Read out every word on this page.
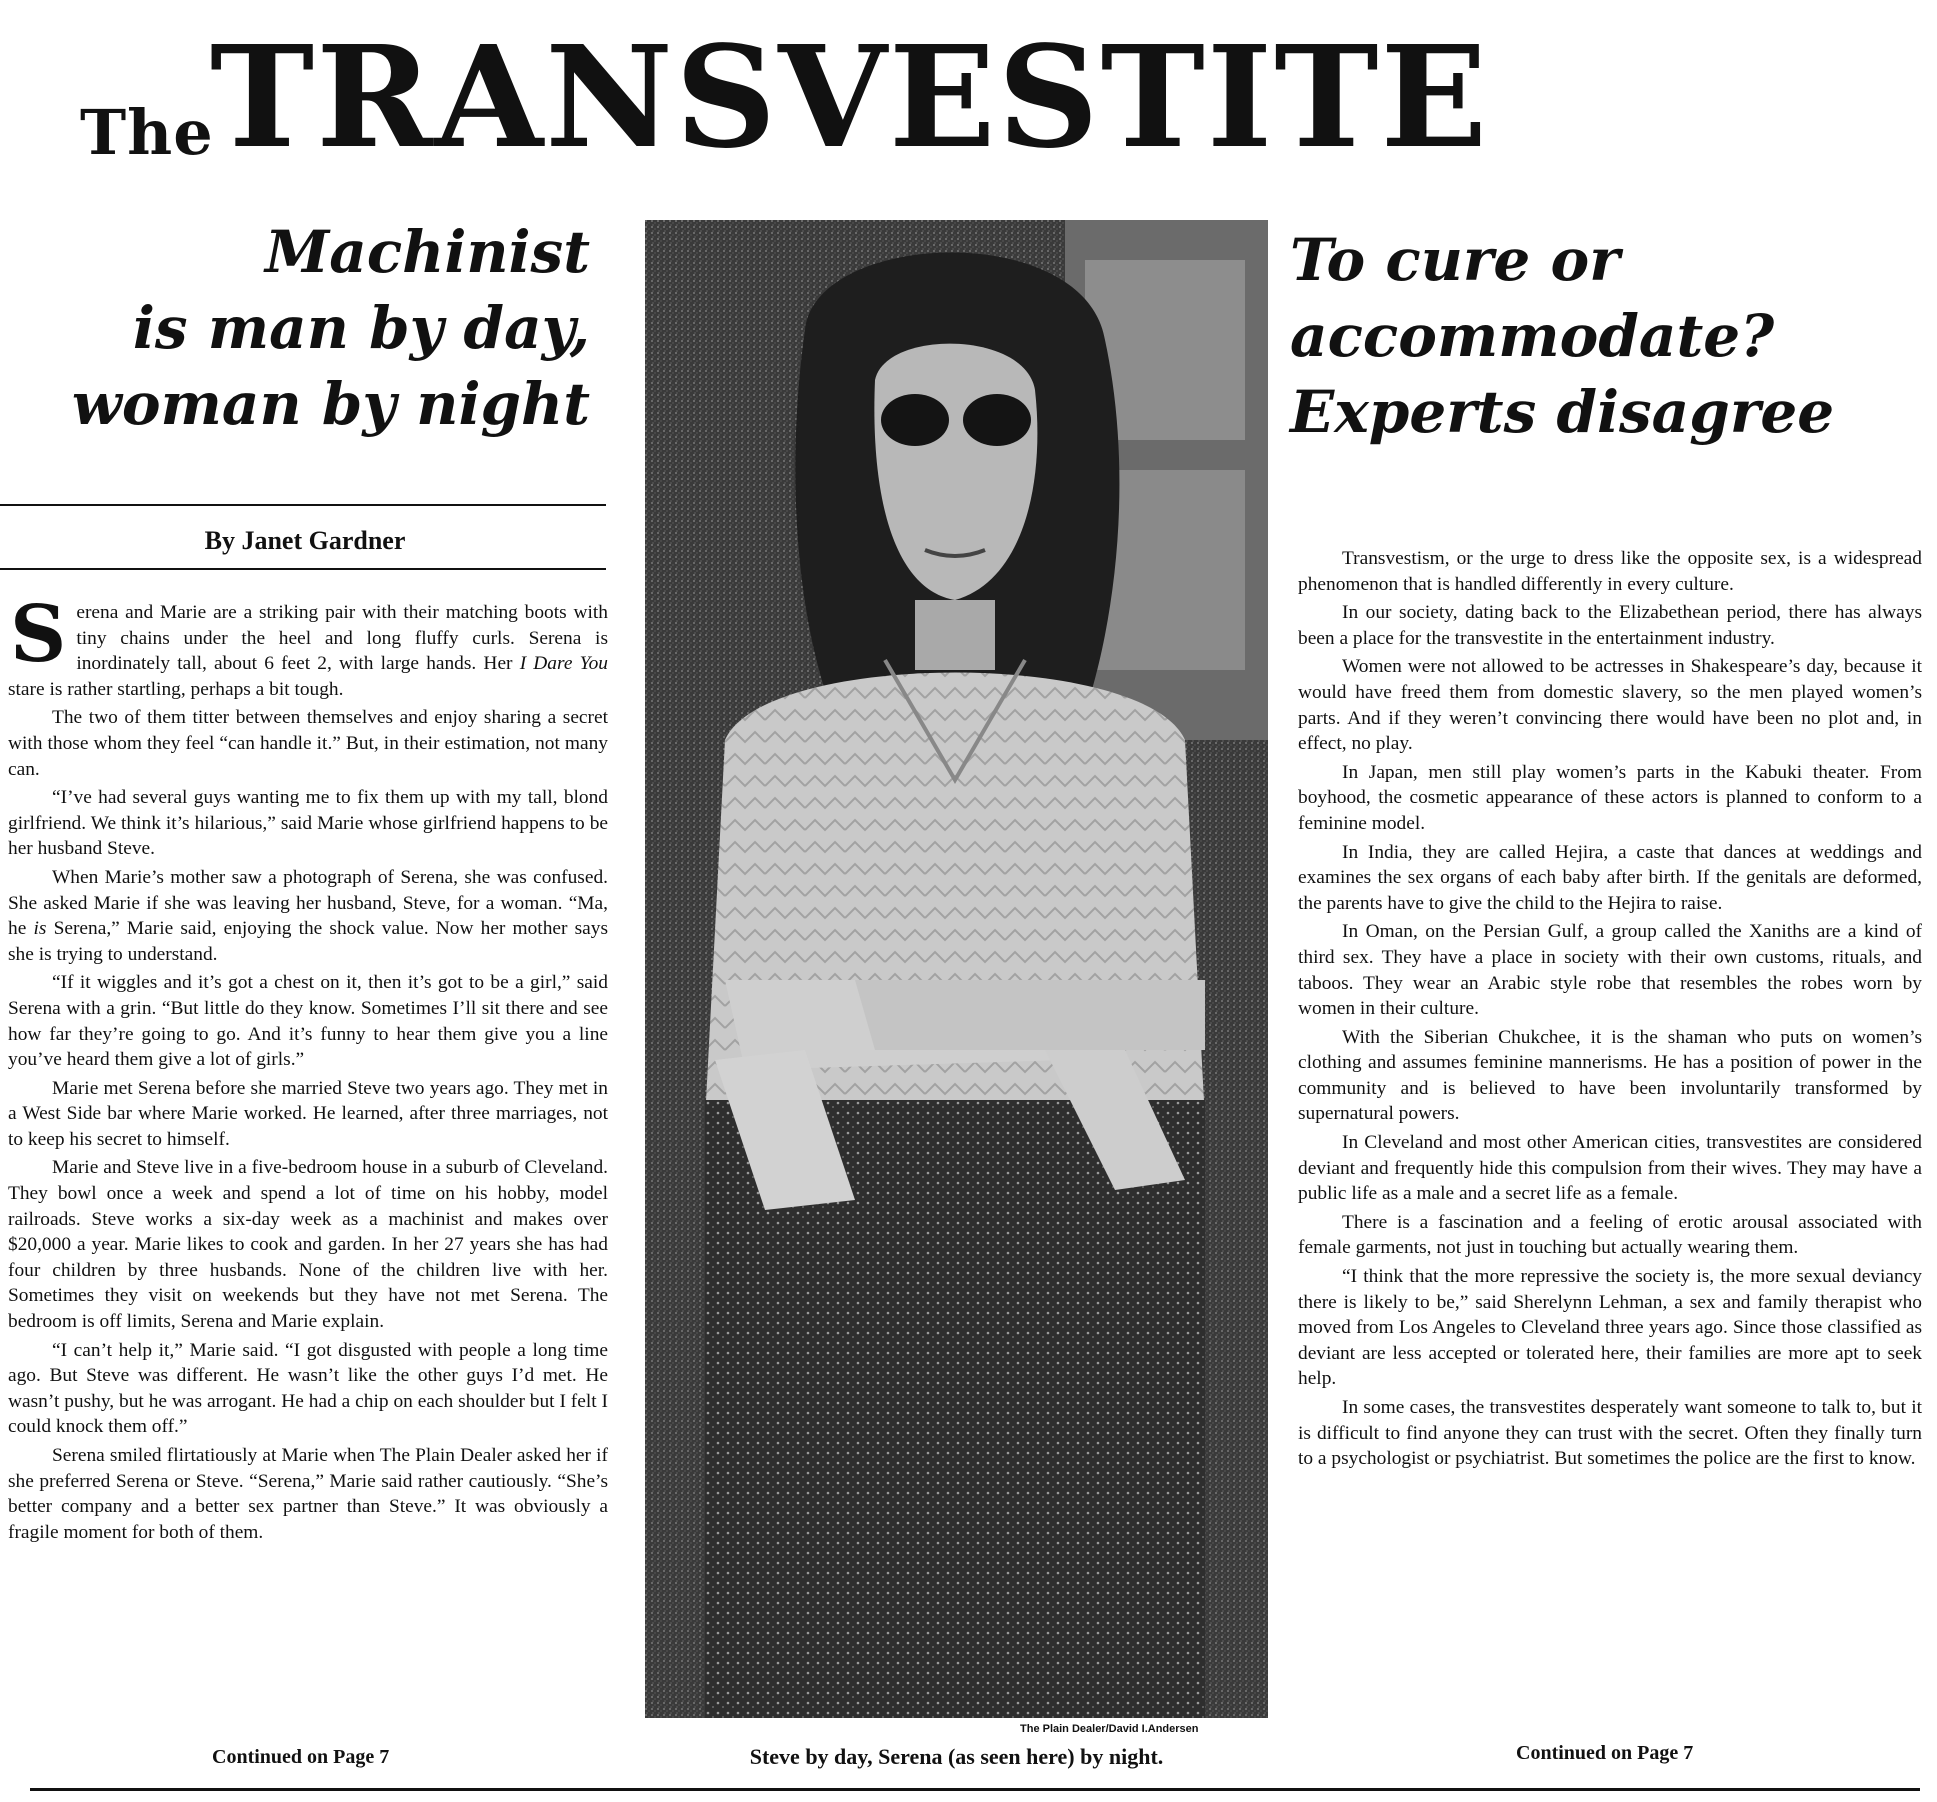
The
TRANSVESTITE
Machinist
is man by day,
woman by night
To cure or
accommodate?
Experts disagree
By Janet Gardner

Serena and Marie are a striking pair with their matching boots with tiny chains under the heel and long fluffy curls. Serena is inordinately tall, about 6 feet 2, with large hands. Her I Dare You stare is rather startling, perhaps a bit tough.

The two of them titter between themselves and enjoy sharing a secret with those whom they feel “can handle it.” But, in their estimation, not many can.

“I’ve had several guys wanting me to fix them up with my tall, blond girlfriend. We think it’s hilarious,” said Marie whose girlfriend happens to be her husband Steve.

When Marie’s mother saw a photograph of Serena, she was confused. She asked Marie if she was leaving her husband, Steve, for a woman. “Ma, he is Serena,” Marie said, enjoying the shock value. Now her mother says she is trying to understand.

“If it wiggles and it’s got a chest on it, then it’s got to be a girl,” said Serena with a grin. “But little do they know. Sometimes I’ll sit there and see how far they’re going to go. And it’s funny to hear them give you a line you’ve heard them give a lot of girls.”

Marie met Serena before she married Steve two years ago. They met in a West Side bar where Marie worked. He learned, after three marriages, not to keep his secret to himself.

Marie and Steve live in a five-bedroom house in a suburb of Cleveland. They bowl once a week and spend a lot of time on his hobby, model railroads. Steve works a six-day week as a machinist and makes over $20,000 a year. Marie likes to cook and garden. In her 27 years she has had four children by three husbands. None of the children live with her. Sometimes they visit on weekends but they have not met Serena. The bedroom is off limits, Serena and Marie explain.

“I can’t help it,” Marie said. “I got disgusted with people a long time ago. But Steve was different. He wasn’t like the other guys I’d met. He wasn’t pushy, but he was arrogant. He had a chip on each shoulder but I felt I could knock them off.”

Serena smiled flirtatiously at Marie when The Plain Dealer asked her if she preferred Serena or Steve. “Serena,” Marie said rather cautiously. “She’s better company and a better sex partner than Steve.” It was obviously a fragile moment for both of them.

Continued on Page 7
The Plain Dealer/David I.Andersen
Steve by day, Serena (as seen here) by night.

Transvestism, or the urge to dress like the opposite sex, is a widespread phenomenon that is handled differently in every culture.

In our society, dating back to the Elizabethean period, there has always been a place for the transvestite in the entertainment industry.

Women were not allowed to be actresses in Shakespeare’s day, because it would have freed them from domestic slavery, so the men played women’s parts. And if they weren’t convincing there would have been no plot and, in effect, no play.

In Japan, men still play women’s parts in the Kabuki theater. From boyhood, the cosmetic appearance of these actors is planned to conform to a feminine model.

In India, they are called Hejira, a caste that dances at weddings and examines the sex organs of each baby after birth. If the genitals are deformed, the parents have to give the child to the Hejira to raise.

In Oman, on the Persian Gulf, a group called the Xaniths are a kind of third sex. They have a place in society with their own customs, rituals, and taboos. They wear an Arabic style robe that resembles the robes worn by women in their culture.

With the Siberian Chukchee, it is the shaman who puts on women’s clothing and assumes feminine mannerisms. He has a position of power in the community and is believed to have been involuntarily transformed by supernatural powers.

In Cleveland and most other American cities, transvestites are considered deviant and frequently hide this compulsion from their wives. They may have a public life as a male and a secret life as a female.

There is a fascination and a feeling of erotic arousal associated with female garments, not just in touching but actually wearing them.

“I think that the more repressive the society is, the more sexual deviancy there is likely to be,” said Sherelynn Lehman, a sex and family therapist who moved from Los Angeles to Cleveland three years ago. Since those classified as deviant are less accepted or tolerated here, their families are more apt to seek help.

In some cases, the transvestites desperately want someone to talk to, but it is difficult to find anyone they can trust with the secret. Often they finally turn to a psychologist or psychiatrist. But sometimes the police are the first to know.

Continued on Page 7
